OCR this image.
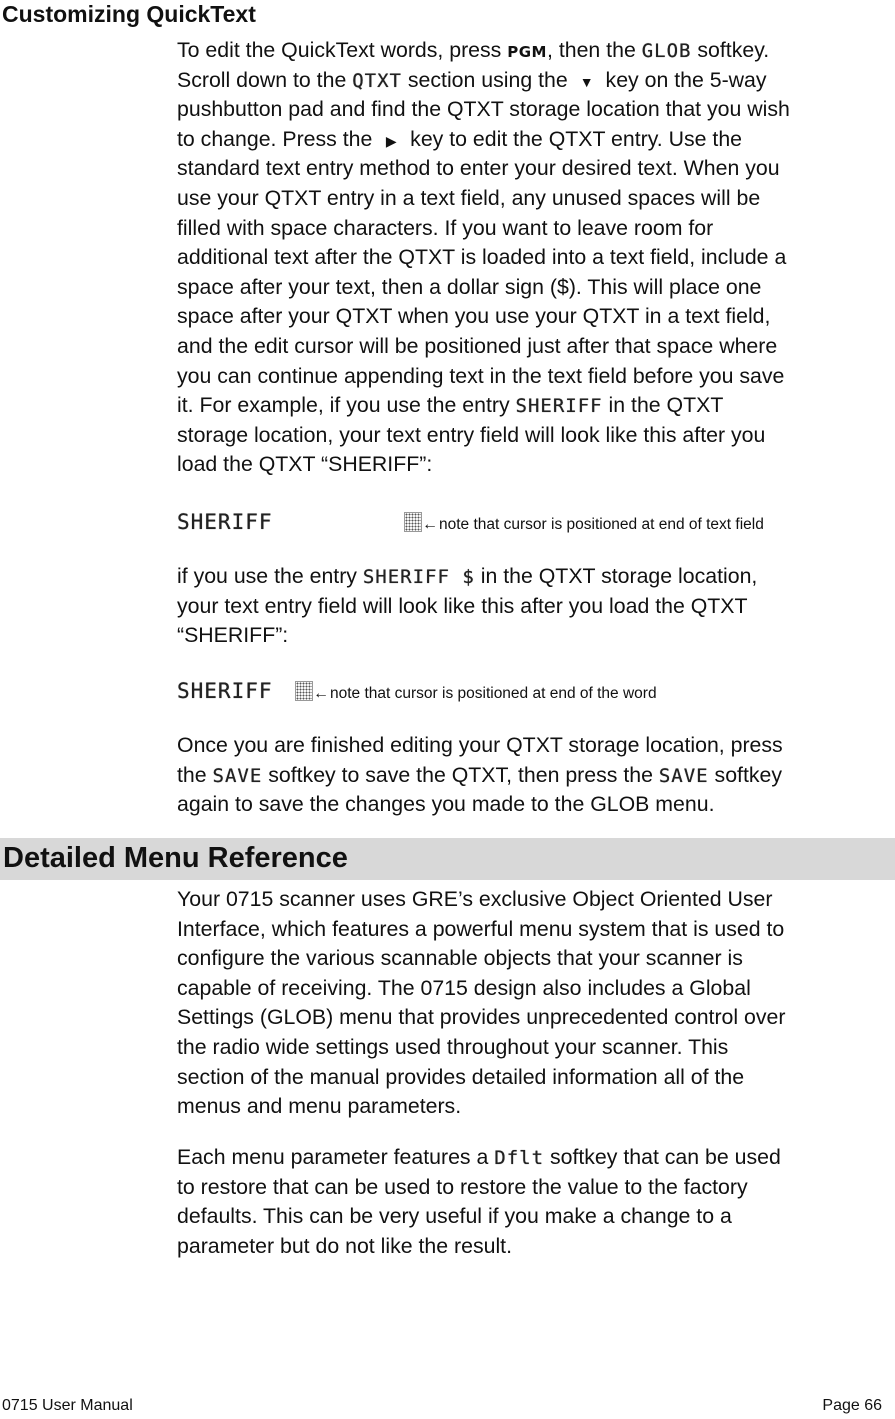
Customizing QuickText
To edit the QuickText words, press PGM, then the GLOB softkey.
Scroll down to the QTXT section using the ▼ key on the 5-way
pushbutton pad and find the QTXT storage location that you wish
to change. Press the ▶ key to edit the QTXT entry. Use the
standard text entry method to enter your desired text. When you
use your QTXT entry in a text field, any unused spaces will be
filled with space characters. If you want to leave room for
additional text after the QTXT is loaded into a text field, include a
space after your text, then a dollar sign ($). This will place one
space after your QTXT when you use your QTXT in a text field,
and the edit cursor will be positioned just after that space where
you can continue appending text in the text field before you save
it. For example, if you use the entry SHERIFF in the QTXT
storage location, your text entry field will look like this after you
load the QTXT “SHERIFF”:
SHERIFF	←note that cursor is positioned at end of text field
if you use the entry SHERIFF $ in the QTXT storage location,
your text entry field will look like this after you load the QTXT
“SHERIFF”:
SHERIFF	←note that cursor is positioned at end of the word
Once you are finished editing your QTXT storage location, press
the SAVE softkey to save the QTXT, then press the SAVE softkey
again to save the changes you made to the GLOB menu.
Detailed Menu Reference
Your 0715 scanner uses GRE’s exclusive Object Oriented User
Interface, which features a powerful menu system that is used to
configure the various scannable objects that your scanner is
capable of receiving. The 0715 design also includes a Global
Settings (GLOB) menu that provides unprecedented control over
the radio wide settings used throughout your scanner. This
section of the manual provides detailed information all of the
menus and menu parameters.
Each menu parameter features a Dflt softkey that can be used
to restore that can be used to restore the value to the factory
defaults. This can be very useful if you make a change to a
parameter but do not like the result.
0715 User Manual	Page 66
